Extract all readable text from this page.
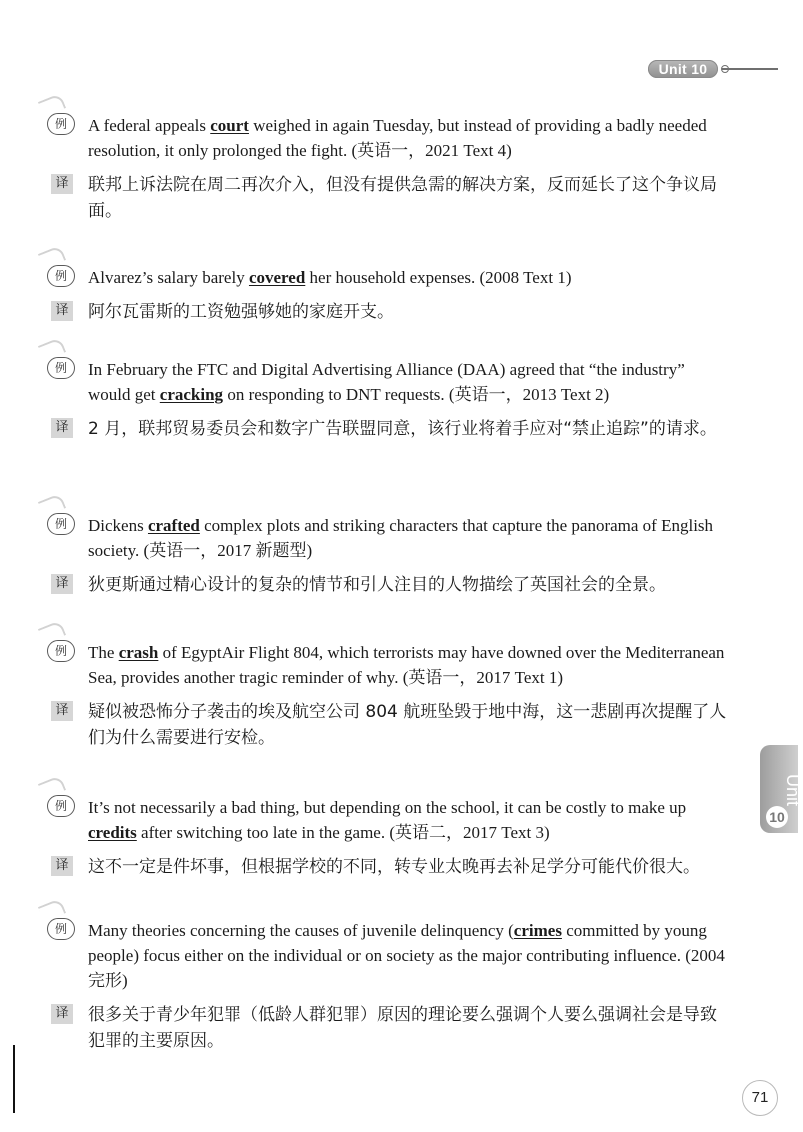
Unit 10
Unit
10

例	A federal appeals court weighed in again Tuesday, but instead of providing a badly needed resolution, it only prolonged the fight. (英语一，2021 Text 4)

译 联邦上诉法院在周二再次介入，但没有提供急需的解决方案，反而延长了这个争议局面。

例	Alvarez’s salary barely covered her household expenses. (2008 Text 1)

译 阿尔瓦雷斯的工资勉强够她的家庭开支。

例	In February the FTC and Digital Advertising Alliance (DAA) agreed that “the industry” would get cracking on responding to DNT requests. (英语一，2013 Text 2)

译 2 月，联邦贸易委员会和数字广告联盟同意，该行业将着手应对“禁止追踪”的请求。

例	Dickens crafted complex plots and striking characters that capture the panorama of English society. (英语一，2017 新题型)

译 狄更斯通过精心设计的复杂的情节和引人注目的人物描绘了英国社会的全景。

例	The crash of EgyptAir Flight 804, which terrorists may have downed over the Mediterranean Sea, provides another tragic reminder of why. (英语一，2017 Text 1)

译 疑似被恐怖分子袭击的埃及航空公司 804 航班坠毁于地中海，这一悲剧再次提醒了人们为什么需要进行安检。

例	It’s not necessarily a bad thing, but depending on the school, it can be costly to make up credits after switching too late in the game. (英语二，2017 Text 3)

译 这不一定是件坏事，但根据学校的不同，转专业太晚再去补足学分可能代价很大。

例	Many theories concerning the causes of juvenile delinquency (crimes committed by young people) focus either on the individual or on society as the major contributing influence. (2004 完形)

译 很多关于青少年犯罪（低龄人群犯罪）原因的理论要么强调个人要么强调社会是导致犯罪的主要原因。

71
